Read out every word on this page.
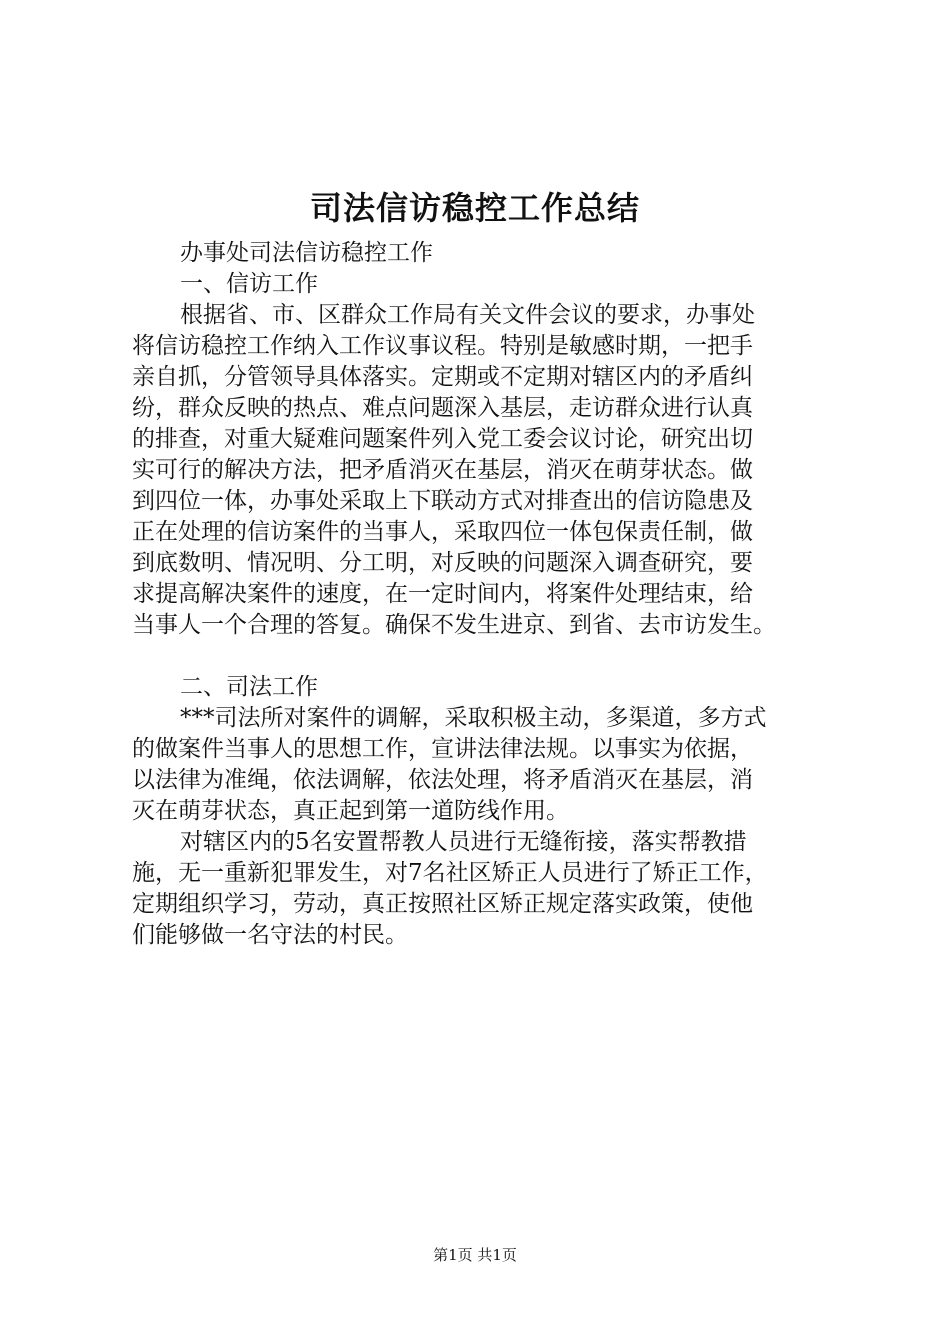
司法信访稳控工作总结
办事处司法信访稳控工作
一、信访工作
根据省、市、区群众工作局有关文件会议的要求，办事处
将信访稳控工作纳入工作议事议程。特别是敏感时期，一把手
亲自抓，分管领导具体落实。定期或不定期对辖区内的矛盾纠
纷，群众反映的热点、难点问题深入基层，走访群众进行认真
的排查，对重大疑难问题案件列入党工委会议讨论，研究出切
实可行的解决方法，把矛盾消灭在基层，消灭在萌芽状态。做
到四位一体，办事处采取上下联动方式对排查出的信访隐患及
正在处理的信访案件的当事人，采取四位一体包保责任制，做
到底数明、情况明、分工明，对反映的问题深入调查研究，要
求提高解决案件的速度，在一定时间内，将案件处理结束，给
当事人一个合理的答复。确保不发生进京、到省、去市访发生。
二、司法工作
***司法所对案件的调解，采取积极主动，多渠道，多方式
的做案件当事人的思想工作，宣讲法律法规。以事实为依据，
以法律为准绳，依法调解，依法处理，将矛盾消灭在基层，消
灭在萌芽状态，真正起到第一道防线作用。
对辖区内的5名安置帮教人员进行无缝衔接，落实帮教措
施，无一重新犯罪发生，对7名社区矫正人员进行了矫正工作，
定期组织学习，劳动，真正按照社区矫正规定落实政策，使他
们能够做一名守法的村民。
第1页 共1页
